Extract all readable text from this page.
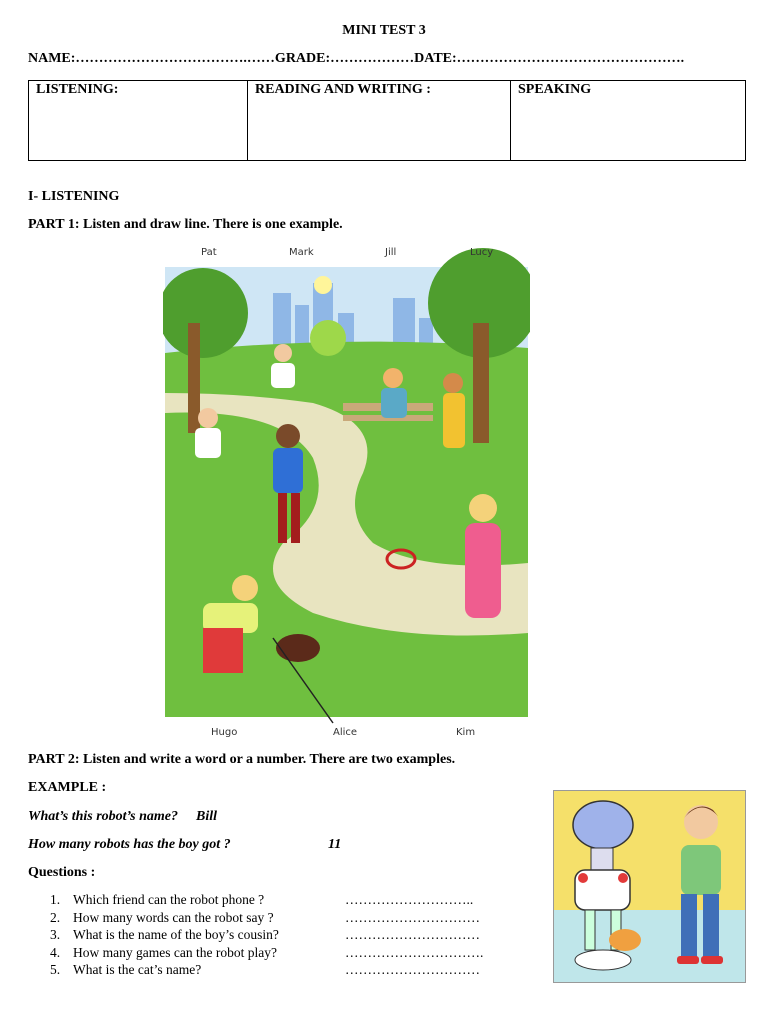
MINI TEST 3
NAME:……………………………….……GRADE:………………DATE:………………………………………….
LISTENING:	READING AND WRITING :	SPEAKING
I- LISTENING
PART 1: Listen and draw line. There is one example.
Pat	Mark	Jill	Lucy
Hugo	Alice	Kim
PART 2: Listen and write a word or a number. There are two examples.
EXAMPLE :
What’s this robot’s name? Bill
How many robots has the boy got ?	11
Questions :
1. Which friend can the robot phone ?	………………………..
2. How many words can the robot say ?	…………………………
3. What is the name of the boy’s cousin?	…………………………
4. How many games can the robot play?	………………………….
5. What is the cat’s name?	…………………………
